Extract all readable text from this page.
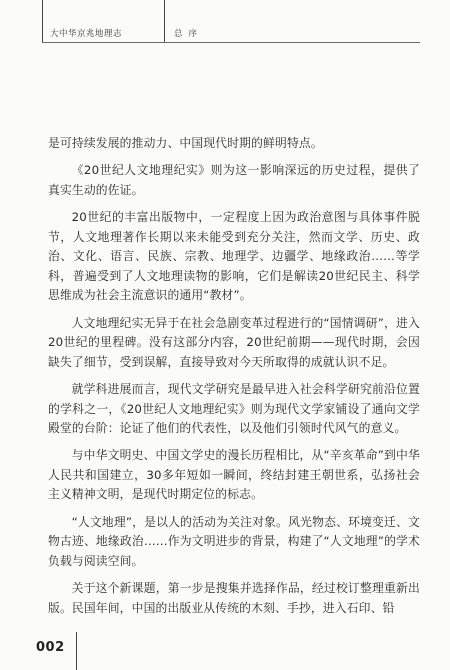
大中华京兆地理志	总序

是可持续发展的推动力、中国现代时期的鲜明特点。

《20世纪人文地理纪实》则为这一影响深远的历史过程，提供了真实生动的佐证。

20世纪的丰富出版物中，一定程度上因为政治意图与具体事件脱节，人文地理著作长期以来未能受到充分关注，然而文学、历史、政治、文化、语言、民族、宗教、地理学、边疆学、地缘政治……等学科，普遍受到了人文地理读物的影响，它们是解读20世纪民主、科学思维成为社会主流意识的通用“教材”。

人文地理纪实无异于在社会急剧变革过程进行的“国情调研”，进入20世纪的里程碑。没有这部分内容，20世纪前期——现代时期，会因缺失了细节，受到误解，直接导致对今天所取得的成就认识不足。

就学科进展而言，现代文学研究是最早进入社会科学研究前沿位置的学科之一，《20世纪人文地理纪实》则为现代文学家铺设了通向文学殿堂的台阶：论证了他们的代表性，以及他们引领时代风气的意义。

与中华文明史、中国文学史的漫长历程相比，从“辛亥革命”到中华人民共和国建立，30多年短如一瞬间，终结封建王朝世系，弘扬社会主义精神文明，是现代时期定位的标志。

“人文地理”，是以人的活动为关注对象。风光物态、环境变迁、文物古迹、地缘政治……作为文明进步的背景，构建了“人文地理”的学术负载与阅读空间。

关于这个新课题，第一步是搜集并选择作品，经过校订整理重新出版。民国年间，中国的出版业从传统的木刻、手抄，进入石印、铅

002
